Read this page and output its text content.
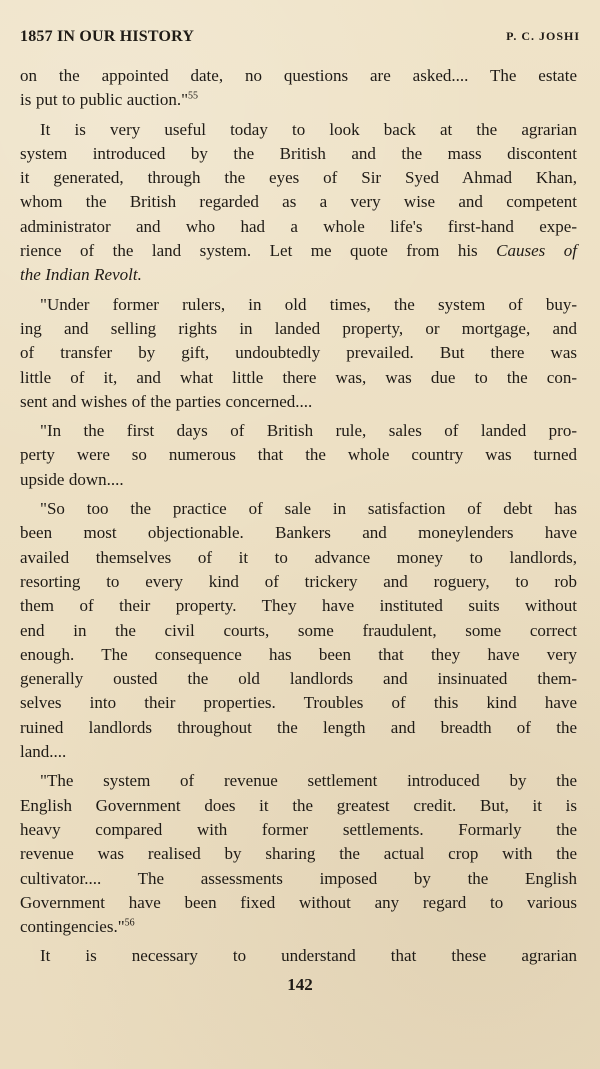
1857 IN OUR HISTORY	P. C. JOSHI
on the appointed date, no questions are asked.... The estate
is put to public auction."$^{55}$
It is very useful today to look back at the agrarian
system introduced by the British and the mass discontent
it generated, through the eyes of Sir Syed Ahmad Khan,
whom the British regarded as a very wise and competent
administrator and who had a whole life's first-hand expe-
rience of the land system. Let me quote from his Causes of
the Indian Revolt.
"Under former rulers, in old times, the system of buy-
ing and selling rights in landed property, or mortgage, and
of transfer by gift, undoubtedly prevailed. But there was
little of it, and what little there was, was due to the con-
sent and wishes of the parties concerned....
"In the first days of British rule, sales of landed pro-
perty were so numerous that the whole country was turned
upside down....
"So too the practice of sale in satisfaction of debt has
been most objectionable. Bankers and moneylenders have
availed themselves of it to advance money to landlords,
resorting to every kind of trickery and roguery, to rob
them of their property. They have instituted suits without
end in the civil courts, some fraudulent, some correct
enough. The consequence has been that they have very
generally ousted the old landlords and insinuated them-
selves into their properties. Troubles of this kind have
ruined landlords throughout the length and breadth of the
land....
"The system of revenue settlement introduced by the
English Government does it the greatest credit. But, it is
heavy compared with former settlements. Formarly the
revenue was realised by sharing the actual crop with the
cultivator.... The assessments imposed by the English
Government have been fixed without any regard to various
contingencies."$^{56}$
It is necessary to understand that these agrarian
142
